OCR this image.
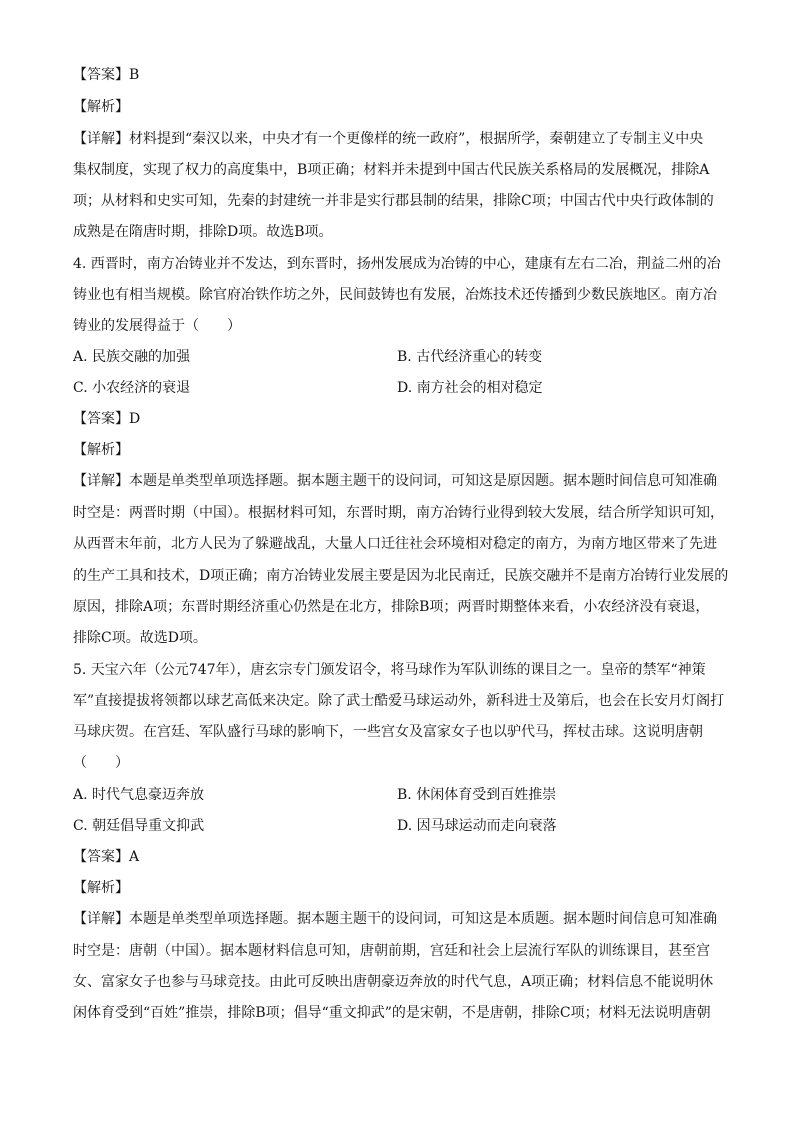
【答案】B
【解析】
【详解】材料提到“秦汉以来，中央才有一个更像样的统一政府”，根据所学，秦朝建立了专制主义中央
集权制度，实现了权力的高度集中，B项正确；材料并未提到中国古代民族关系格局的发展概况，排除A
项；从材料和史实可知，先秦的封建统一并非是实行郡县制的结果，排除C项；中国古代中央行政体制的
成熟是在隋唐时期，排除D项。故选B项。
4. 西晋时，南方冶铸业并不发达，到东晋时，扬州发展成为冶铸的中心，建康有左右二冶，荆益二州的冶
铸业也有相当规模。除官府冶铁作坊之外，民间鼓铸也有发展，冶炼技术还传播到少数民族地区。南方冶
铸业的发展得益于（　　）
A. 民族交融的加强	B. 古代经济重心的转变
C. 小农经济的衰退	D. 南方社会的相对稳定
【答案】D
【解析】
【详解】本题是单类型单项选择题。据本题主题干的设问词，可知这是原因题。据本题时间信息可知准确
时空是：两晋时期（中国）。根据材料可知，东晋时期，南方冶铸行业得到较大发展，结合所学知识可知，
从西晋末年前，北方人民为了躲避战乱，大量人口迁往社会环境相对稳定的南方，为南方地区带来了先进
的生产工具和技术，D项正确；南方冶铸业发展主要是因为北民南迁，民族交融并不是南方冶铸行业发展的
原因，排除A项；东晋时期经济重心仍然是在北方，排除B项；两晋时期整体来看，小农经济没有衰退，
排除C项。故选D项。
5. 天宝六年（公元747年），唐玄宗专门颁发诏令，将马球作为军队训练的课目之一。皇帝的禁军“神策
军”直接提拔将领都以球艺高低来决定。除了武士酷爱马球运动外，新科进士及第后，也会在长安月灯阁打
马球庆贺。在宫廷、军队盛行马球的影响下，一些宫女及富家女子也以驴代马，挥杖击球。这说明唐朝
（　　）
A. 时代气息豪迈奔放	B. 休闲体育受到百姓推崇
C. 朝廷倡导重文抑武	D. 因马球运动而走向衰落
【答案】A
【解析】
【详解】本题是单类型单项选择题。据本题主题干的设问词，可知这是本质题。据本题时间信息可知准确
时空是：唐朝（中国）。据本题材料信息可知，唐朝前期，宫廷和社会上层流行军队的训练课目，甚至宫
女、富家女子也参与马球竞技。由此可反映出唐朝豪迈奔放的时代气息，A项正确；材料信息不能说明休
闲体育受到“百姓”推崇，排除B项；倡导“重文抑武”的是宋朝，不是唐朝，排除C项；材料无法说明唐朝
